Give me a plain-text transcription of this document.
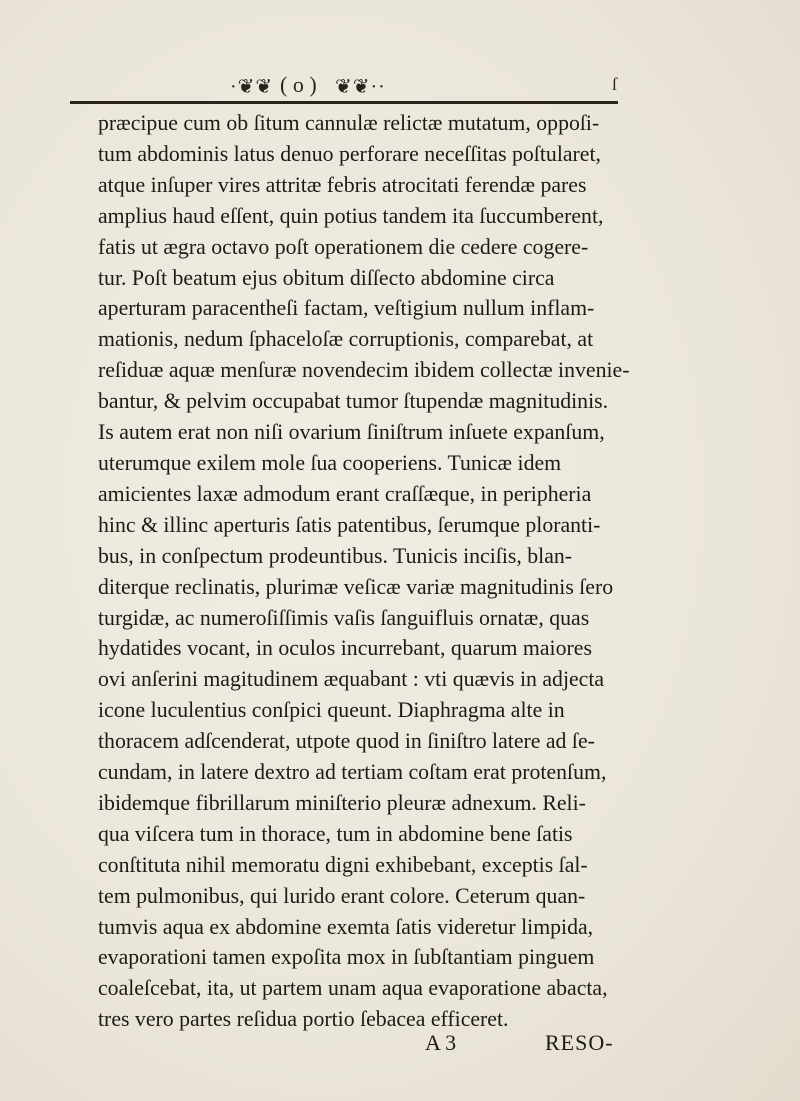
·❦❦ ( o ) ❦❦··	ſ
præcipue cum ob ſitum cannulæ relictæ mutatum, oppoſi-
tum abdominis latus denuo perforare neceſſitas poſtularet,
atque inſuper vires attritæ febris atrocitati ferendæ pares
amplius haud eſſent, quin potius tandem ita ſuccumberent,
fatis ut ægra octavo poſt operationem die cedere cogere-
tur. Poſt beatum ejus obitum diſſecto abdomine circa
aperturam paracentheſi factam, veſtigium nullum inflam-
mationis, nedum ſphaceloſæ corruptionis, comparebat, at
reſiduæ aquæ menſuræ novendecim ibidem collectæ invenie-
bantur, & pelvim occupabat tumor ſtupendæ magnitudinis.
Is autem erat non niſi ovarium ſiniſtrum inſuete expanſum,
uterumque exilem mole ſua cooperiens. Tunicæ idem
amicientes laxæ admodum erant craſſæque, in peripheria
hinc & illinc aperturis ſatis patentibus, ſerumque ploranti-
bus, in conſpectum prodeuntibus. Tunicis inciſis, blan-
diterque reclinatis, plurimæ veſicæ variæ magnitudinis ſero
turgidæ, ac numeroſiſſimis vaſis ſanguifluis ornatæ, quas
hydatides vocant, in oculos incurrebant, quarum maiores
ovi anſerini magitudinem æquabant : vti quævis in adjecta
icone luculentius conſpici queunt. Diaphragma alte in
thoracem adſcenderat, utpote quod in ſiniſtro latere ad ſe-
cundam, in latere dextro ad tertiam coſtam erat protenſum,
ibidemque fibrillarum miniſterio pleuræ adnexum. Reli-
qua viſcera tum in thorace, tum in abdomine bene ſatis
conſtituta nihil memoratu digni exhibebant, exceptis ſal-
tem pulmonibus, qui lurido erant colore. Ceterum quan-
tumvis aqua ex abdomine exemta ſatis videretur limpida,
evaporationi tamen expoſita mox in ſubſtantiam pinguem
coaleſcebat, ita, ut partem unam aqua evaporatione abacta,
tres vero partes reſidua portio ſebacea efficeret.
A 3	RESO-
